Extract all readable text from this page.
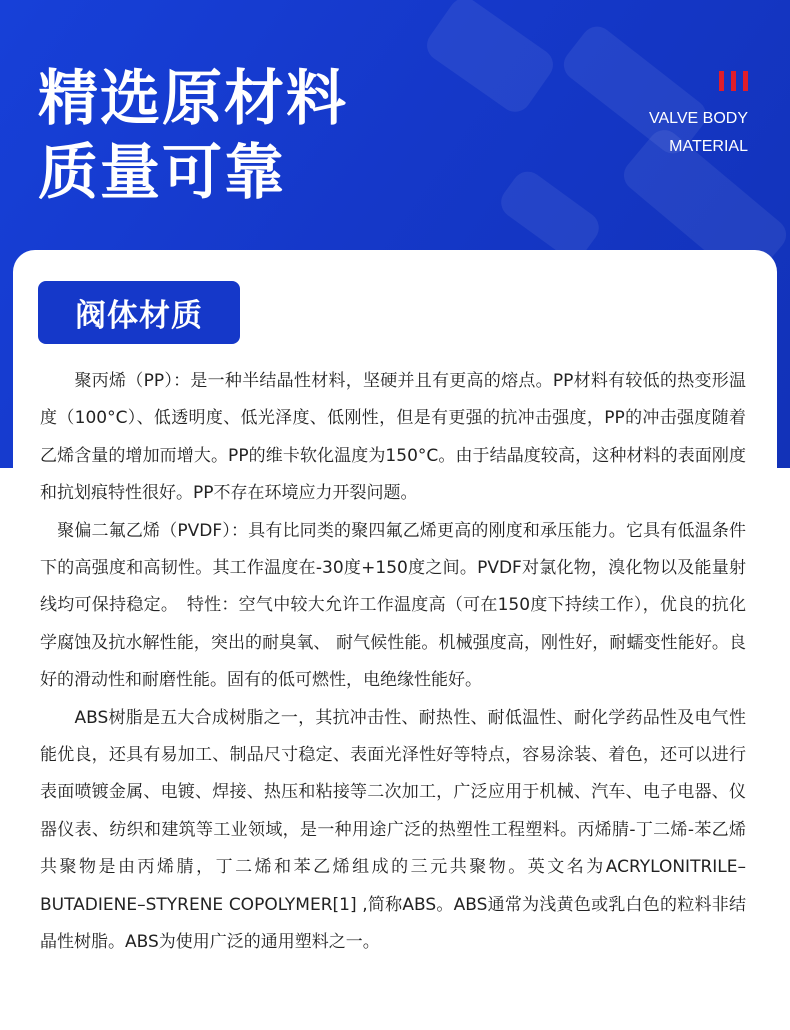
精选原材料
质量可靠
VALVE BODY
MATERIAL
阀体材质

　　聚丙烯（PP）：是一种半结晶性材料，坚硬并且有更高的熔点。PP材料有较低的热变形温度（100°C）、低透明度、低光泽度、低刚性，但是有更强的抗冲击强度，PP的冲击强度随着乙烯含量的增加而增大。PP的维卡软化温度为150°C。由于结晶度较高，这种材料的表面刚度和抗划痕特性很好。PP不存在环境应力开裂问题。

　聚偏二氟乙烯（PVDF）：具有比同类的聚四氟乙烯更高的刚度和承压能力。它具有低温条件下的高强度和高韧性。其工作温度在-30度+150度之间。PVDF对氯化物，溴化物以及能量射线均可保持稳定。　特性：空气中较大允许工作温度高（可在150度下持续工作），优良的抗化学腐蚀及抗水解性能，突出的耐臭氧、 耐气候性能。机械强度高，刚性好，耐蠕变性能好。良好的滑动性和耐磨性能。固有的低可燃性，电绝缘性能好。

　　ABS树脂是五大合成树脂之一，其抗冲击性、耐热性、耐低温性、耐化学药品性及电气性能优良，还具有易加工、制品尺寸稳定、表面光泽性好等特点，容易涂装、着色，还可以进行表面喷镀金属、电镀、焊接、热压和粘接等二次加工，广泛应用于机械、汽车、电子电器、仪器仪表、纺织和建筑等工业领域，是一种用途广泛的热塑性工程塑料。丙烯腈-丁二烯-苯乙烯共聚物是由丙烯腈，丁二烯和苯乙烯组成的三元共聚物。英文名为ACRYLONITRILE–BUTADIENE–STYRENE COPOLYMER[1] ,简称ABS。ABS通常为浅黄色或乳白色的粒料非结晶性树脂。ABS为使用广泛的通用塑料之一。
